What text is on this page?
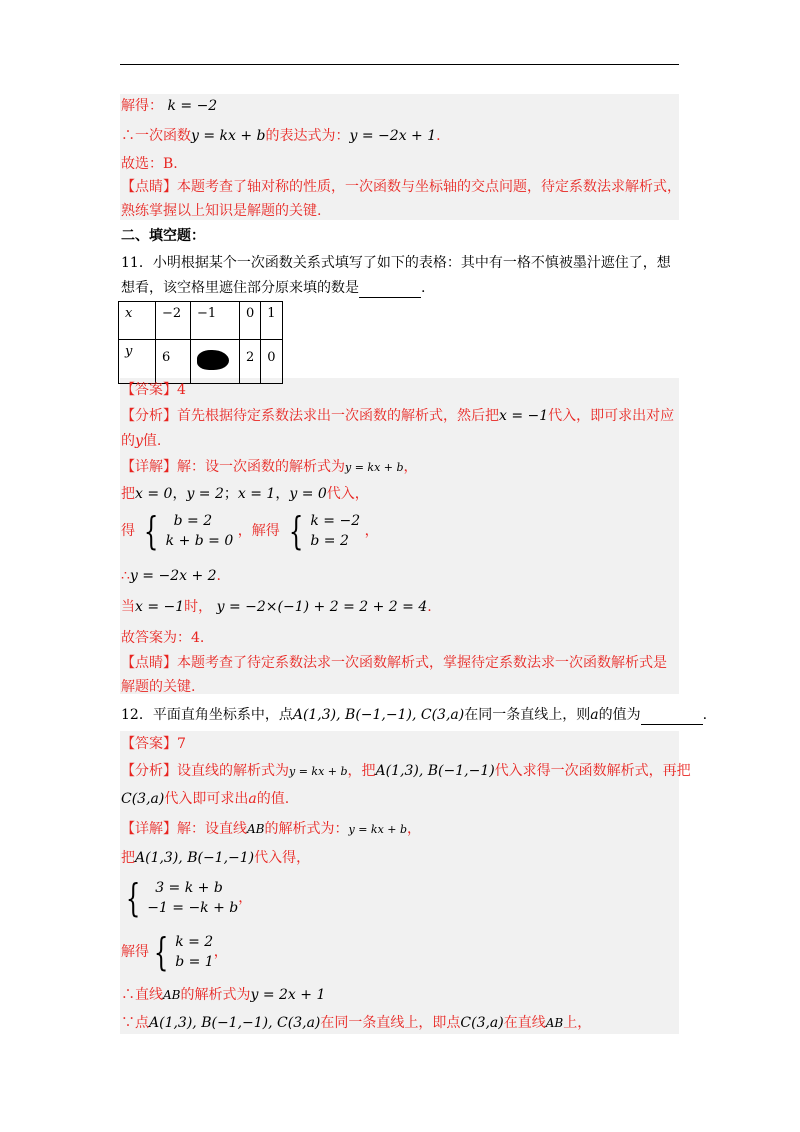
解得： k = −2
∴一次函数y = kx + b的表达式为：y = −2x + 1.
故选：B.
【点睛】本题考查了轴对称的性质，一次函数与坐标轴的交点问题，待定系数法求解析式，
熟练掌握以上知识是解题的关键.
二、填空题：
11．小明根据某个一次函数关系式填写了如下的表格：其中有一格不慎被墨汁遮住了，想
想看，该空格里遮住部分原来填的数是	.
x	−2	−1	0	1
y	6		2	0
【答案】4
【分析】首先根据待定系数法求出一次函数的解析式，然后把x = −1代入，即可求出对应
的y值.
【详解】解：设一次函数的解析式为y = kx + b，
把x = 0，y = 2；x = 1，y = 0代入，
得 {	b = 2
k + b = 0
，解得 { k = −2
b = 2
，
∴y = −2x + 2.
当x = −1时， y = −2×(−1) + 2 = 2 + 2 = 4.
故答案为：4.
【点睛】本题考查了待定系数法求一次函数解析式，掌握待定系数法求一次函数解析式是
解题的关键.
12．平面直角坐标系中，点A(1,3), B(−1,−1), C(3,a)在同一条直线上，则a的值为	.
【答案】7
【分析】设直线的解析式为y = kx + b，把A(1,3), B(−1,−1)代入求得一次函数解析式，再把
C(3,a)代入即可求出a的值.
【详解】解：设直线AB的解析式为：y = kx + b，
把A(1,3), B(−1,−1)代入得，
{	3 = k + b
−1 = −k + b
，
解得 { k = 2
b = 1
，
∴直线AB的解析式为y = 2x + 1
∵点A(1,3), B(−1,−1), C(3,a)在同一条直线上，即点C(3,a)在直线AB上，
